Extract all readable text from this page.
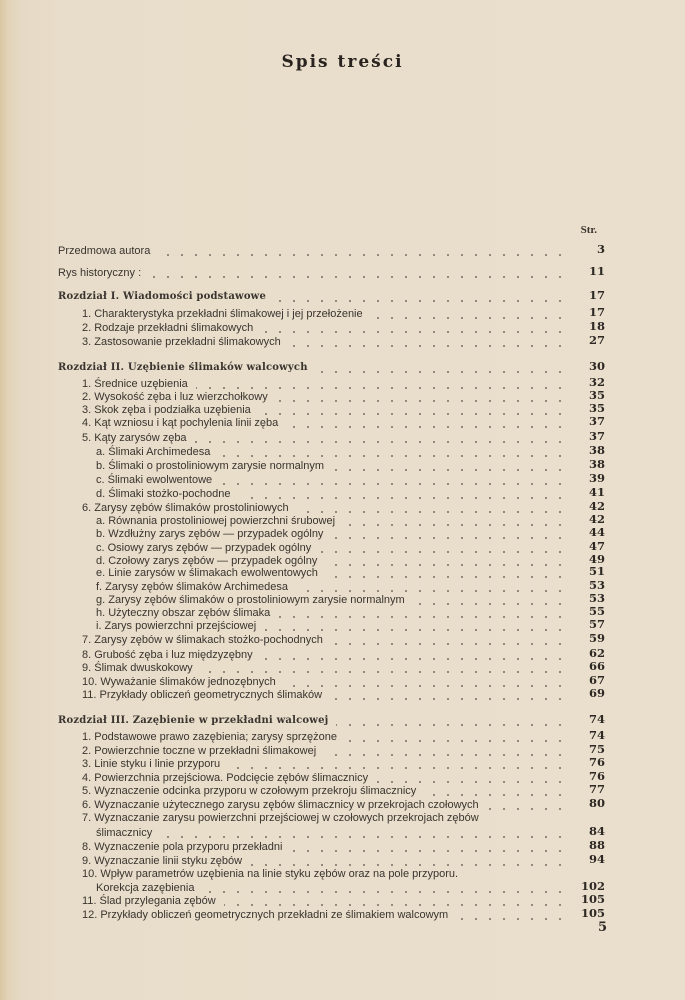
Spis treści
Str.
Przedmowa autora	3
Rys historyczny :	11
Rozdział I. Wiadomości podstawowe	17
1. Charakterystyka przekładni ślimakowej i jej przełożenie	17
2. Rodzaje przekładni ślimakowych	18
3. Zastosowanie przekładni ślimakowych	27
Rozdział II. Uzębienie ślimaków walcowych	30
1. Średnice uzębienia	32
2. Wysokość zęba i luz wierzchołkowy	35
3. Skok zęba i podziałka uzębienia	35
4. Kąt wzniosu i kąt pochylenia linii zęba	37
5. Kąty zarysów zęba	37
a. Ślimaki Archimedesa	38
b. Ślimaki o prostoliniowym zarysie normalnym	38
c. Ślimaki ewolwentowe	39
d. Ślimaki stożko-pochodne	41
6. Zarysy zębów ślimaków prostoliniowych	42
a. Równania prostoliniowej powierzchni śrubowej	42
b. Wzdłużny zarys zębów — przypadek ogólny	44
c. Osiowy zarys zębów — przypadek ogólny	47
d. Czołowy zarys zębów — przypadek ogólny	49
e. Linie zarysów w ślimakach ewolwentowych	51
f. Zarysy zębów ślimaków Archimedesa	53
g. Zarysy zębów ślimaków o prostoliniowym zarysie normalnym	53
h. Użyteczny obszar zębów ślimaka	55
i. Zarys powierzchni przejściowej	57
7. Zarysy zębów w ślimakach stożko-pochodnych	59
8. Grubość zęba i luz międzyzębny	62
9. Ślimak dwuskokowy	66
10. Wyważanie ślimaków jednozębnych	67
11. Przykłady obliczeń geometrycznych ślimaków	69
Rozdział III. Zazębienie w przekładni walcowej	74
1. Podstawowe prawo zazębienia; zarysy sprzężone	74
2. Powierzchnie toczne w przekładni ślimakowej	75
3. Linie styku i linie przyporu	76
4. Powierzchnia przejściowa. Podcięcie zębów ślimacznicy	76
5. Wyznaczenie odcinka przyporu w czołowym przekroju ślimacznicy	77
6. Wyznaczanie użytecznego zarysu zębów ślimacznicy w przekrojach czołowych	80
7. Wyznaczanie zarysu powierzchni przejściowej w czołowych przekrojach zębów
ślimacznicy	84
8. Wyznaczenie pola przyporu przekładni	88
9. Wyznaczanie linii styku zębów	94
10. Wpływ parametrów uzębienia na linie styku zębów oraz na pole przyporu.
Korekcja zazębienia	102
11. Ślad przylegania zębów	105
12. Przykłady obliczeń geometrycznych przekładni ze ślimakiem walcowym	105
5
